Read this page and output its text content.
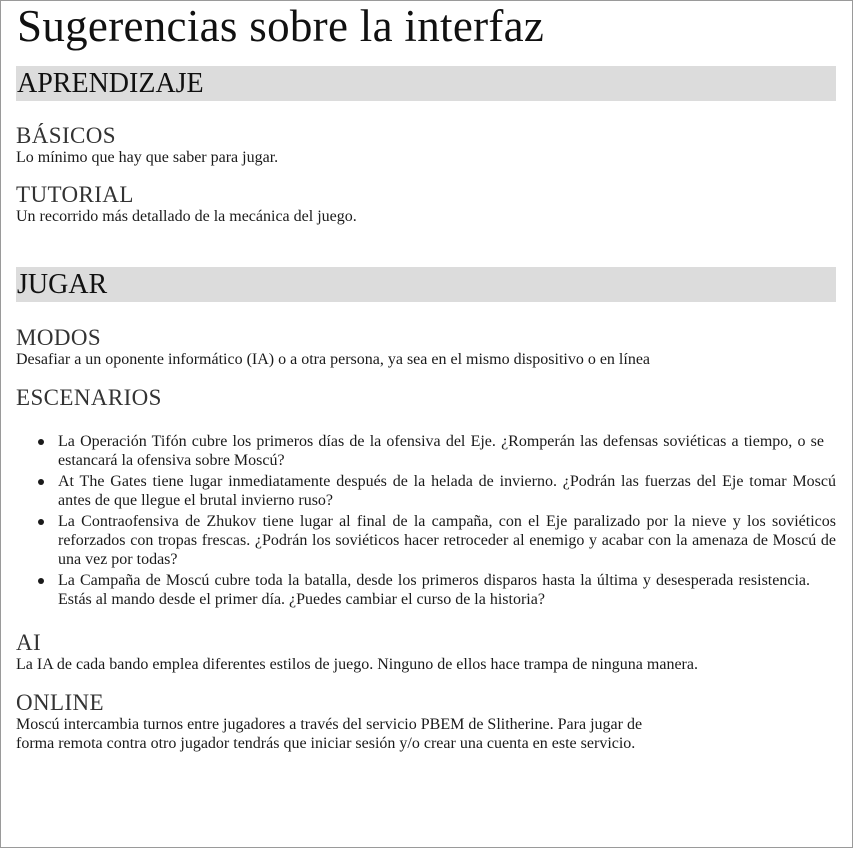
Sugerencias sobre la interfaz
APRENDIZAJE
BÁSICOS

Lo mínimo que hay que saber para jugar.

TUTORIAL

Un recorrido más detallado de la mecánica del juego.

JUGAR
MODOS

Desafiar a un oponente informático (IA) o a otra persona, ya sea en el mismo dispositivo o en línea

ESCENARIOS
La Operación Tifón cubre los primeros días de la ofensiva del Eje. ¿Romperán las defensas soviéticas a tiempo, o se estancará la ofensiva sobre Moscú?
At The Gates tiene lugar inmediatamente después de la helada de invierno. ¿Podrán las fuerzas del Eje tomar Moscú antes de que llegue el brutal invierno ruso?
La Contraofensiva de Zhukov tiene lugar al final de la campaña, con el Eje paralizado por la nieve y los soviéticos reforzados con tropas frescas. ¿Podrán los soviéticos hacer retroceder al enemigo y acabar con la amenaza de Moscú de una vez por todas?
La Campaña de Moscú cubre toda la batalla, desde los primeros disparos hasta la última y desesperada resistencia. Estás al mando desde el primer día. ¿Puedes cambiar el curso de la historia?
AI

La IA de cada bando emplea diferentes estilos de juego. Ninguno de ellos hace trampa de ninguna manera.

ONLINE

Moscú intercambia turnos entre jugadores a través del servicio PBEM de Slitherine. Para jugar de

forma remota contra otro jugador tendrás que iniciar sesión y/o crear una cuenta en este servicio.
